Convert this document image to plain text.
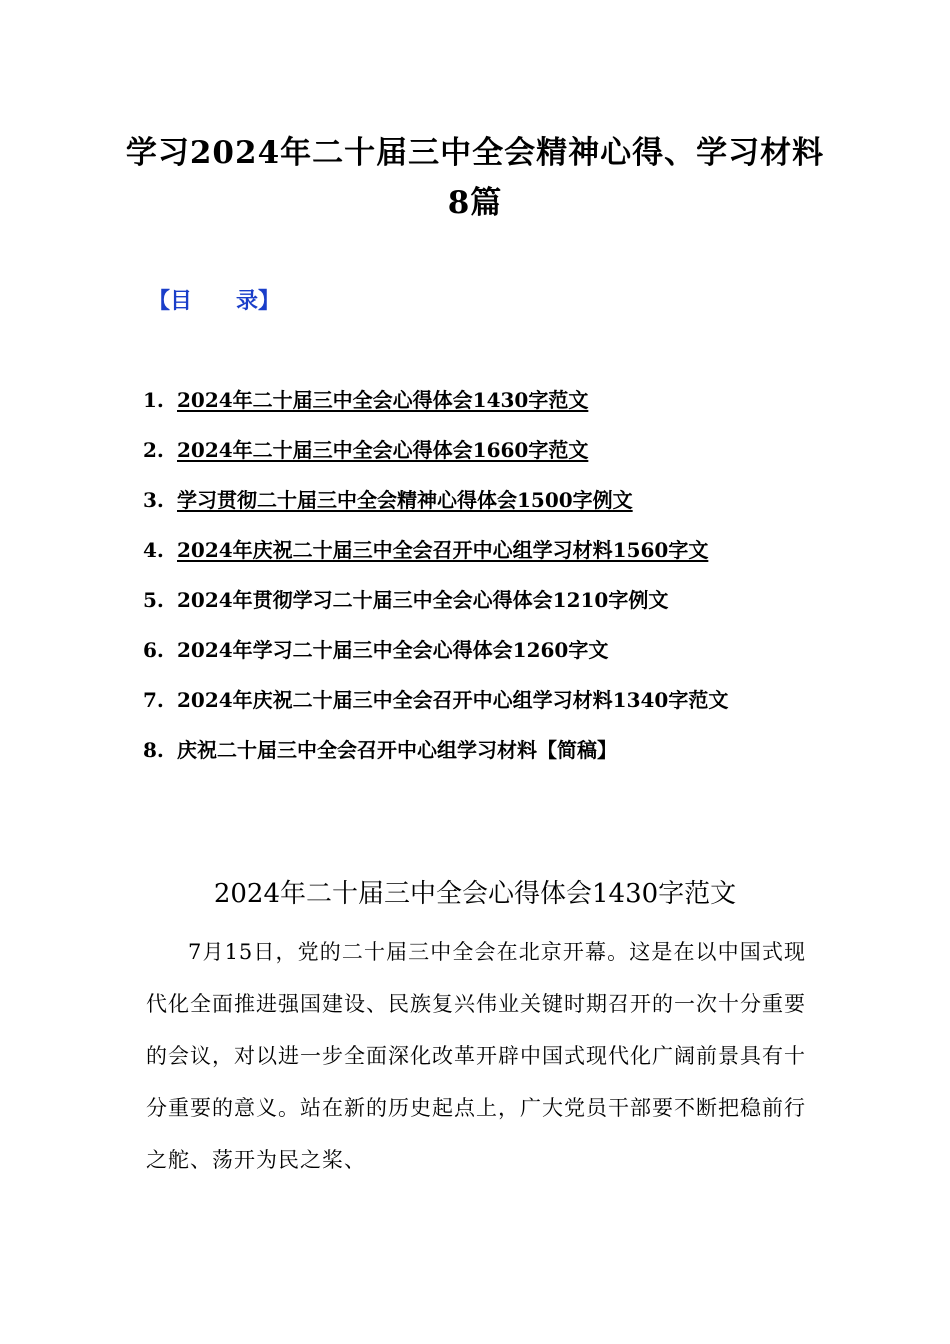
学习2024年二十届三中全会精神心得、学习材料8篇
【目　　录】
1. 2024年二十届三中全会心得体会1430字范文
2. 2024年二十届三中全会心得体会1660字范文
3. 学习贯彻二十届三中全会精神心得体会1500字例文
4. 2024年庆祝二十届三中全会召开中心组学习材料1560字文
5. 2024年贯彻学习二十届三中全会心得体会1210字例文
6. 2024年学习二十届三中全会心得体会1260字文
7. 2024年庆祝二十届三中全会召开中心组学习材料1340字范文
8. 庆祝二十届三中全会召开中心组学习材料【简稿】
2024年二十届三中全会心得体会1430字范文

7月15日，党的二十届三中全会在北京开幕。这是在以中国式现代化全面推进强国建设、民族复兴伟业关键时期召开的一次十分重要的会议，对以进一步全面深化改革开辟中国式现代化广阔前景具有十分重要的意义。站在新的历史起点上，广大党员干部要不断把稳前行之舵、荡开为民之桨、
